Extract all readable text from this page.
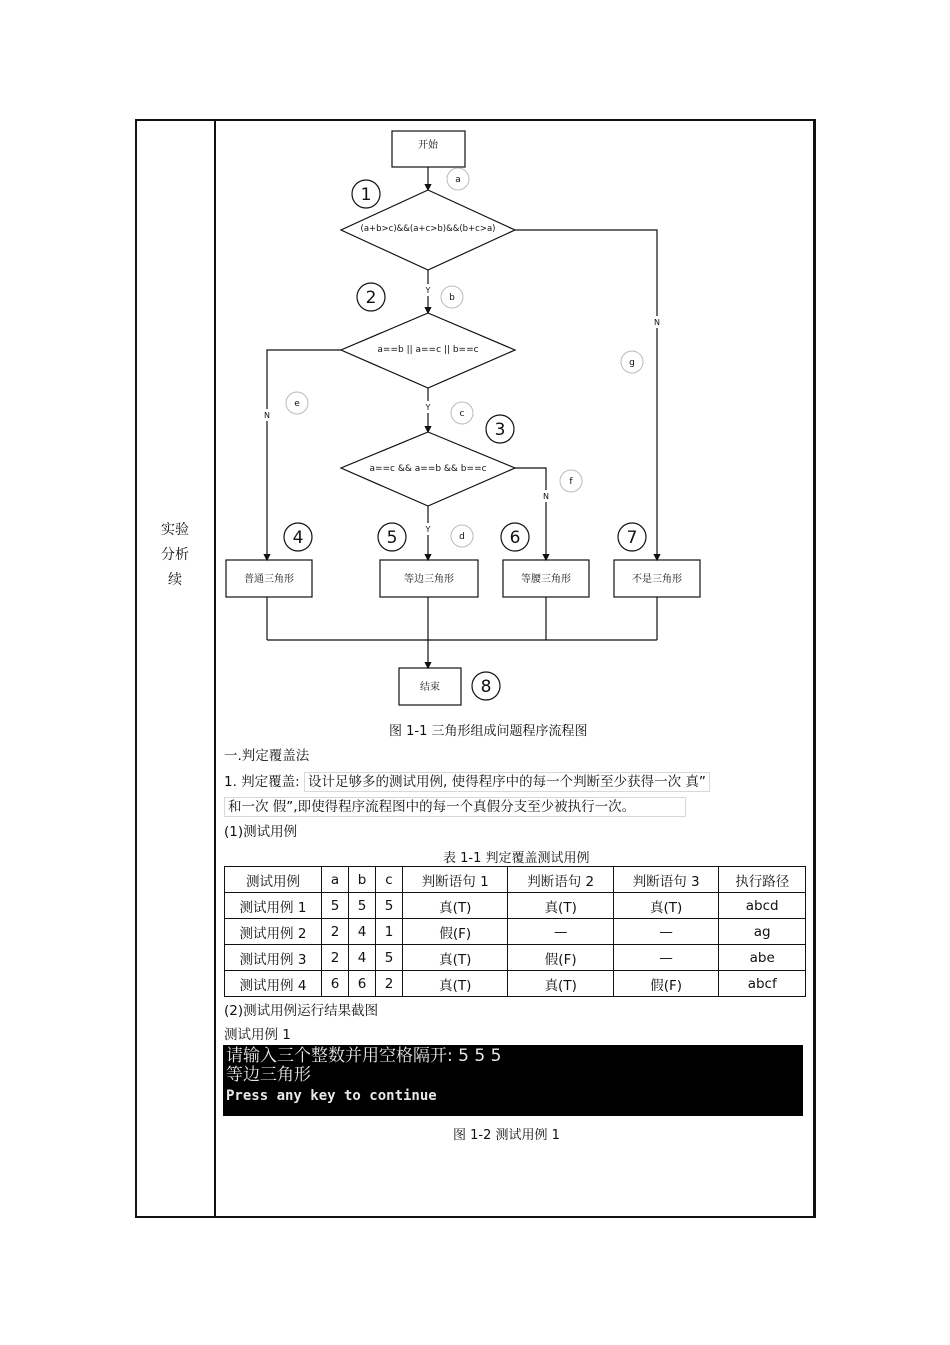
实验
分析
续
开始
(a+b>c)&&(a+c>b)&&(b+c>a)
a==b || a==c || b==c
a==c && a==b && b==c
普通三角形	等边三角形	等腰三角形	不是三角形
结束
Y
Y
Y
N
N
N
a
b
c
d
e
f
g
1
2
3
4	5	6	7
8
图 1-1 三角形组成问题程序流程图
一.判定覆盖法
1. 判定覆盖: 设计足够多的测试用例, 使得程序中的每一个判断至少获得一次 真”
和一次 假”,即使得程序流程图中的每一个真假分支至少被执行一次。
(1)测试用例
表 1-1 判定覆盖测试用例
测试用例	a	b	c	判断语句 1	判断语句 2	判断语句 3	执行路径
测试用例 1	5	5	5	真(T)	真(T)	真(T)	abcd
测试用例 2	2	4	1	假(F)	—	—	ag
测试用例 3	2	4	5	真(T)	假(F)	—	abe
测试用例 4	6	6	2	真(T)	真(T)	假(F)	abcf
(2)测试用例运行结果截图
测试用例 1
请输入三个整数并用空格隔开: 5 5 5
等边三角形
Press any key to continue
图 1-2 测试用例 1
